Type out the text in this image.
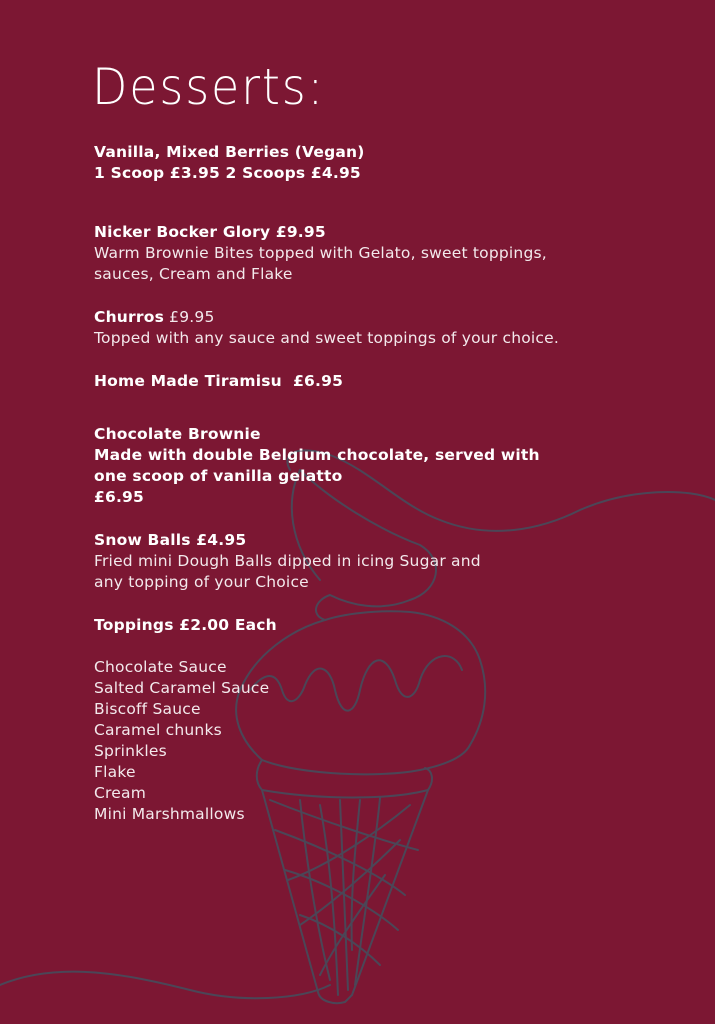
Desserts:
Vanilla, Mixed Berries (Vegan)
1 Scoop £3.95 2 Scoops £4.95
Nicker Bocker Glory £9.95
Warm Brownie Bites topped with Gelato, sweet toppings,
sauces, Cream and Flake
Churros £9.95
Topped with any sauce and sweet toppings of your choice.
Home Made Tiramisu  £6.95
Chocolate Brownie
Made with double Belgium chocolate, served with
one scoop of vanilla gelatto
£6.95
Snow Balls £4.95
Fried mini Dough Balls dipped in icing Sugar and
any topping of your Choice
Toppings £2.00 Each
Chocolate Sauce
Salted Caramel Sauce
Biscoff Sauce
Caramel chunks
Sprinkles
Flake
Cream
Mini Marshmallows
